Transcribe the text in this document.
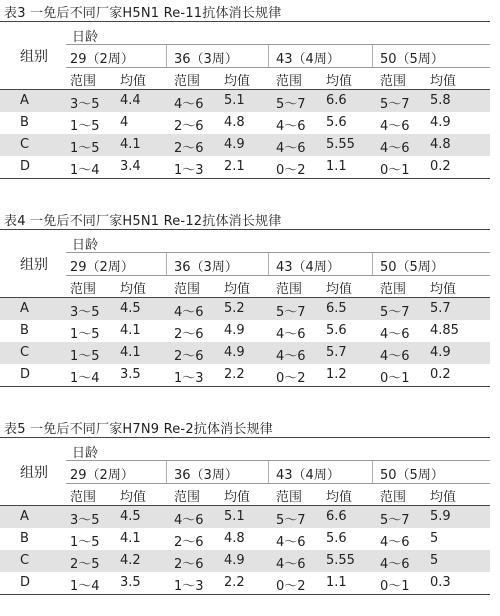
表3 一免后不同厂家H5N1 Re-11抗体消长规律
日龄
组别 29（2周）	36（3周）	43（4周）	50（5周）
范围 均值 范围 均值 范围 均值 范围 均值
A	3～5 4.4	4～6 5.1 5～7 6.6	5～7 5.8
B	1～5 4	2～6 4.8 4～6 5.6	4～6 4.9
C	1～5 4.1	2～6 4.9 4～6 5.55 4～6 4.8
D	1～4 3.4	1～3 2.1 0～2 1.1	0～1 0.2
表4 一免后不同厂家H5N1 Re-12抗体消长规律
日龄
组别 29（2周）	36（3周）	43（4周）	50（5周）
范围 均值 范围 均值 范围 均值 范围 均值
A	3～5 4.5	4～6 5.2 5～7 6.5	5～7 5.7
B	1～5 4.1	2～6 4.9 4～6 5.6	4～6 4.85
C	1～5 4.1	2～6 4.9 4～6 5.7	4～6 4.9
D	1～4 3.5	1～3 2.2 0～2 1.2	0～1 0.2
表5 一免后不同厂家H7N9 Re-2抗体消长规律
日龄
组别 29（2周）	36（3周）	43（4周）	50（5周）
范围 均值 范围 均值 范围 均值 范围 均值
A	3～5 4.5	4～6 5.1 5～7 6.6	5～7 5.9
B	1～5 4.1	2～6 4.8 4～6 5.6	4～6 5
C	2～5 4.2	2～6 4.9 4～6 5.55 4～6 5
D	1～4 3.5	1～3 2.2 0～2 1.1	0～1 0.3
